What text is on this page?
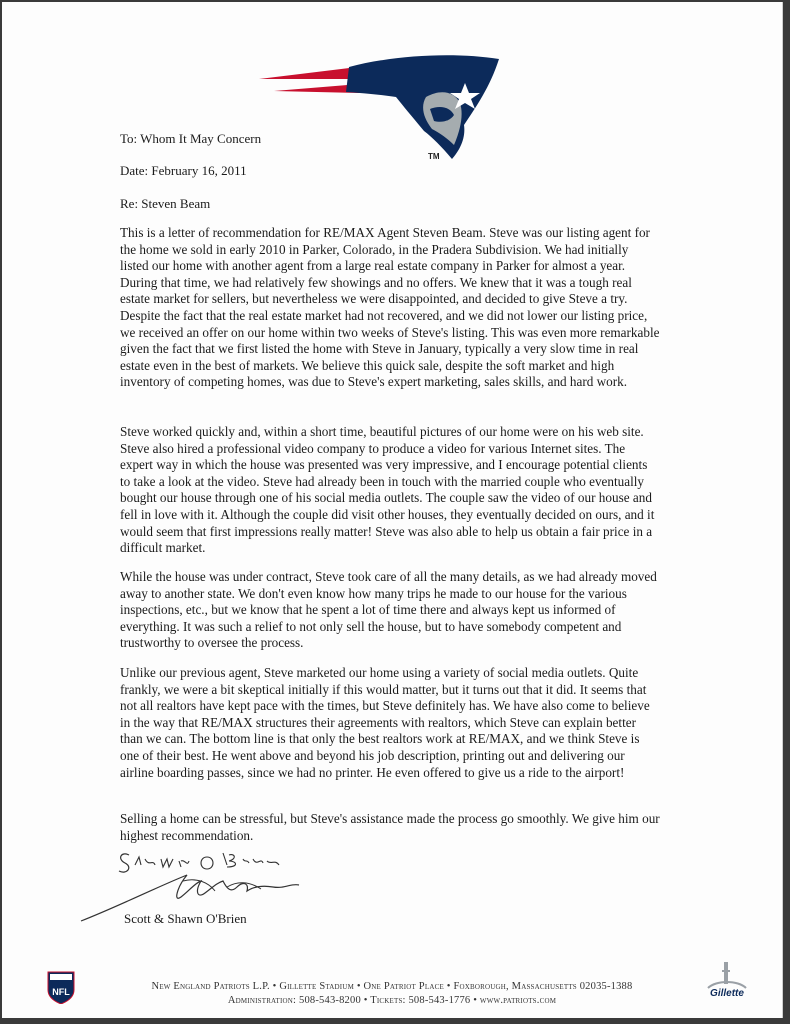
TM
To: Whom It May Concern
Date: February 16, 2011
Re: Steven Beam

This is a letter of recommendation for RE/MAX Agent Steven Beam. Steve was our listing agent for the home we sold in early 2010 in Parker, Colorado, in the Pradera Subdivision. We had initially listed our home with another agent from a large real estate company in Parker for almost a year. During that time, we had relatively few showings and no offers. We knew that it was a tough real estate market for sellers, but nevertheless we were disappointed, and decided to give Steve a try. Despite the fact that the real estate market had not recovered, and we did not lower our listing price, we received an offer on our home within two weeks of Steve's listing. This was even more remarkable given the fact that we first listed the home with Steve in January, typically a very slow time in real estate even in the best of markets. We believe this quick sale, despite the soft market and high inventory of competing homes, was due to Steve's expert marketing, sales skills, and hard work.

Steve worked quickly and, within a short time, beautiful pictures of our home were on his web site. Steve also hired a professional video company to produce a video for various Internet sites. The expert way in which the house was presented was very impressive, and I encourage potential clients to take a look at the video. Steve had already been in touch with the married couple who eventually bought our house through one of his social media outlets. The couple saw the video of our house and fell in love with it. Although the couple did visit other houses, they eventually decided on ours, and it would seem that first impressions really matter! Steve was also able to help us obtain a fair price in a difficult market.

While the house was under contract, Steve took care of all the many details, as we had already moved away to another state. We don't even know how many trips he made to our house for the various inspections, etc., but we know that he spent a lot of time there and always kept us informed of everything. It was such a relief to not only sell the house, but to have somebody competent and trustworthy to oversee the process.

Unlike our previous agent, Steve marketed our home using a variety of social media outlets. Quite frankly, we were a bit skeptical initially if this would matter, but it turns out that it did. It seems that not all realtors have kept pace with the times, but Steve definitely has. We have also come to believe in the way that RE/MAX structures their agreements with realtors, which Steve can explain better than we can. The bottom line is that only the best realtors work at RE/MAX, and we think Steve is one of their best. He went above and beyond his job description, printing out and delivering our airline boarding passes, since we had no printer. He even offered to give us a ride to the airport!

Selling a home can be stressful, but Steve's assistance made the process go smoothly. We give him our highest recommendation.

Scott & Shawn O'Brien
NFL	New England Patriots L.P. • Gillette Stadium • One Patriot Place • Foxborough, Massachusetts 02035-1388
Administration: 508-543-8200 • Tickets: 508-543-1776 • www.patriots.com
Gillette
